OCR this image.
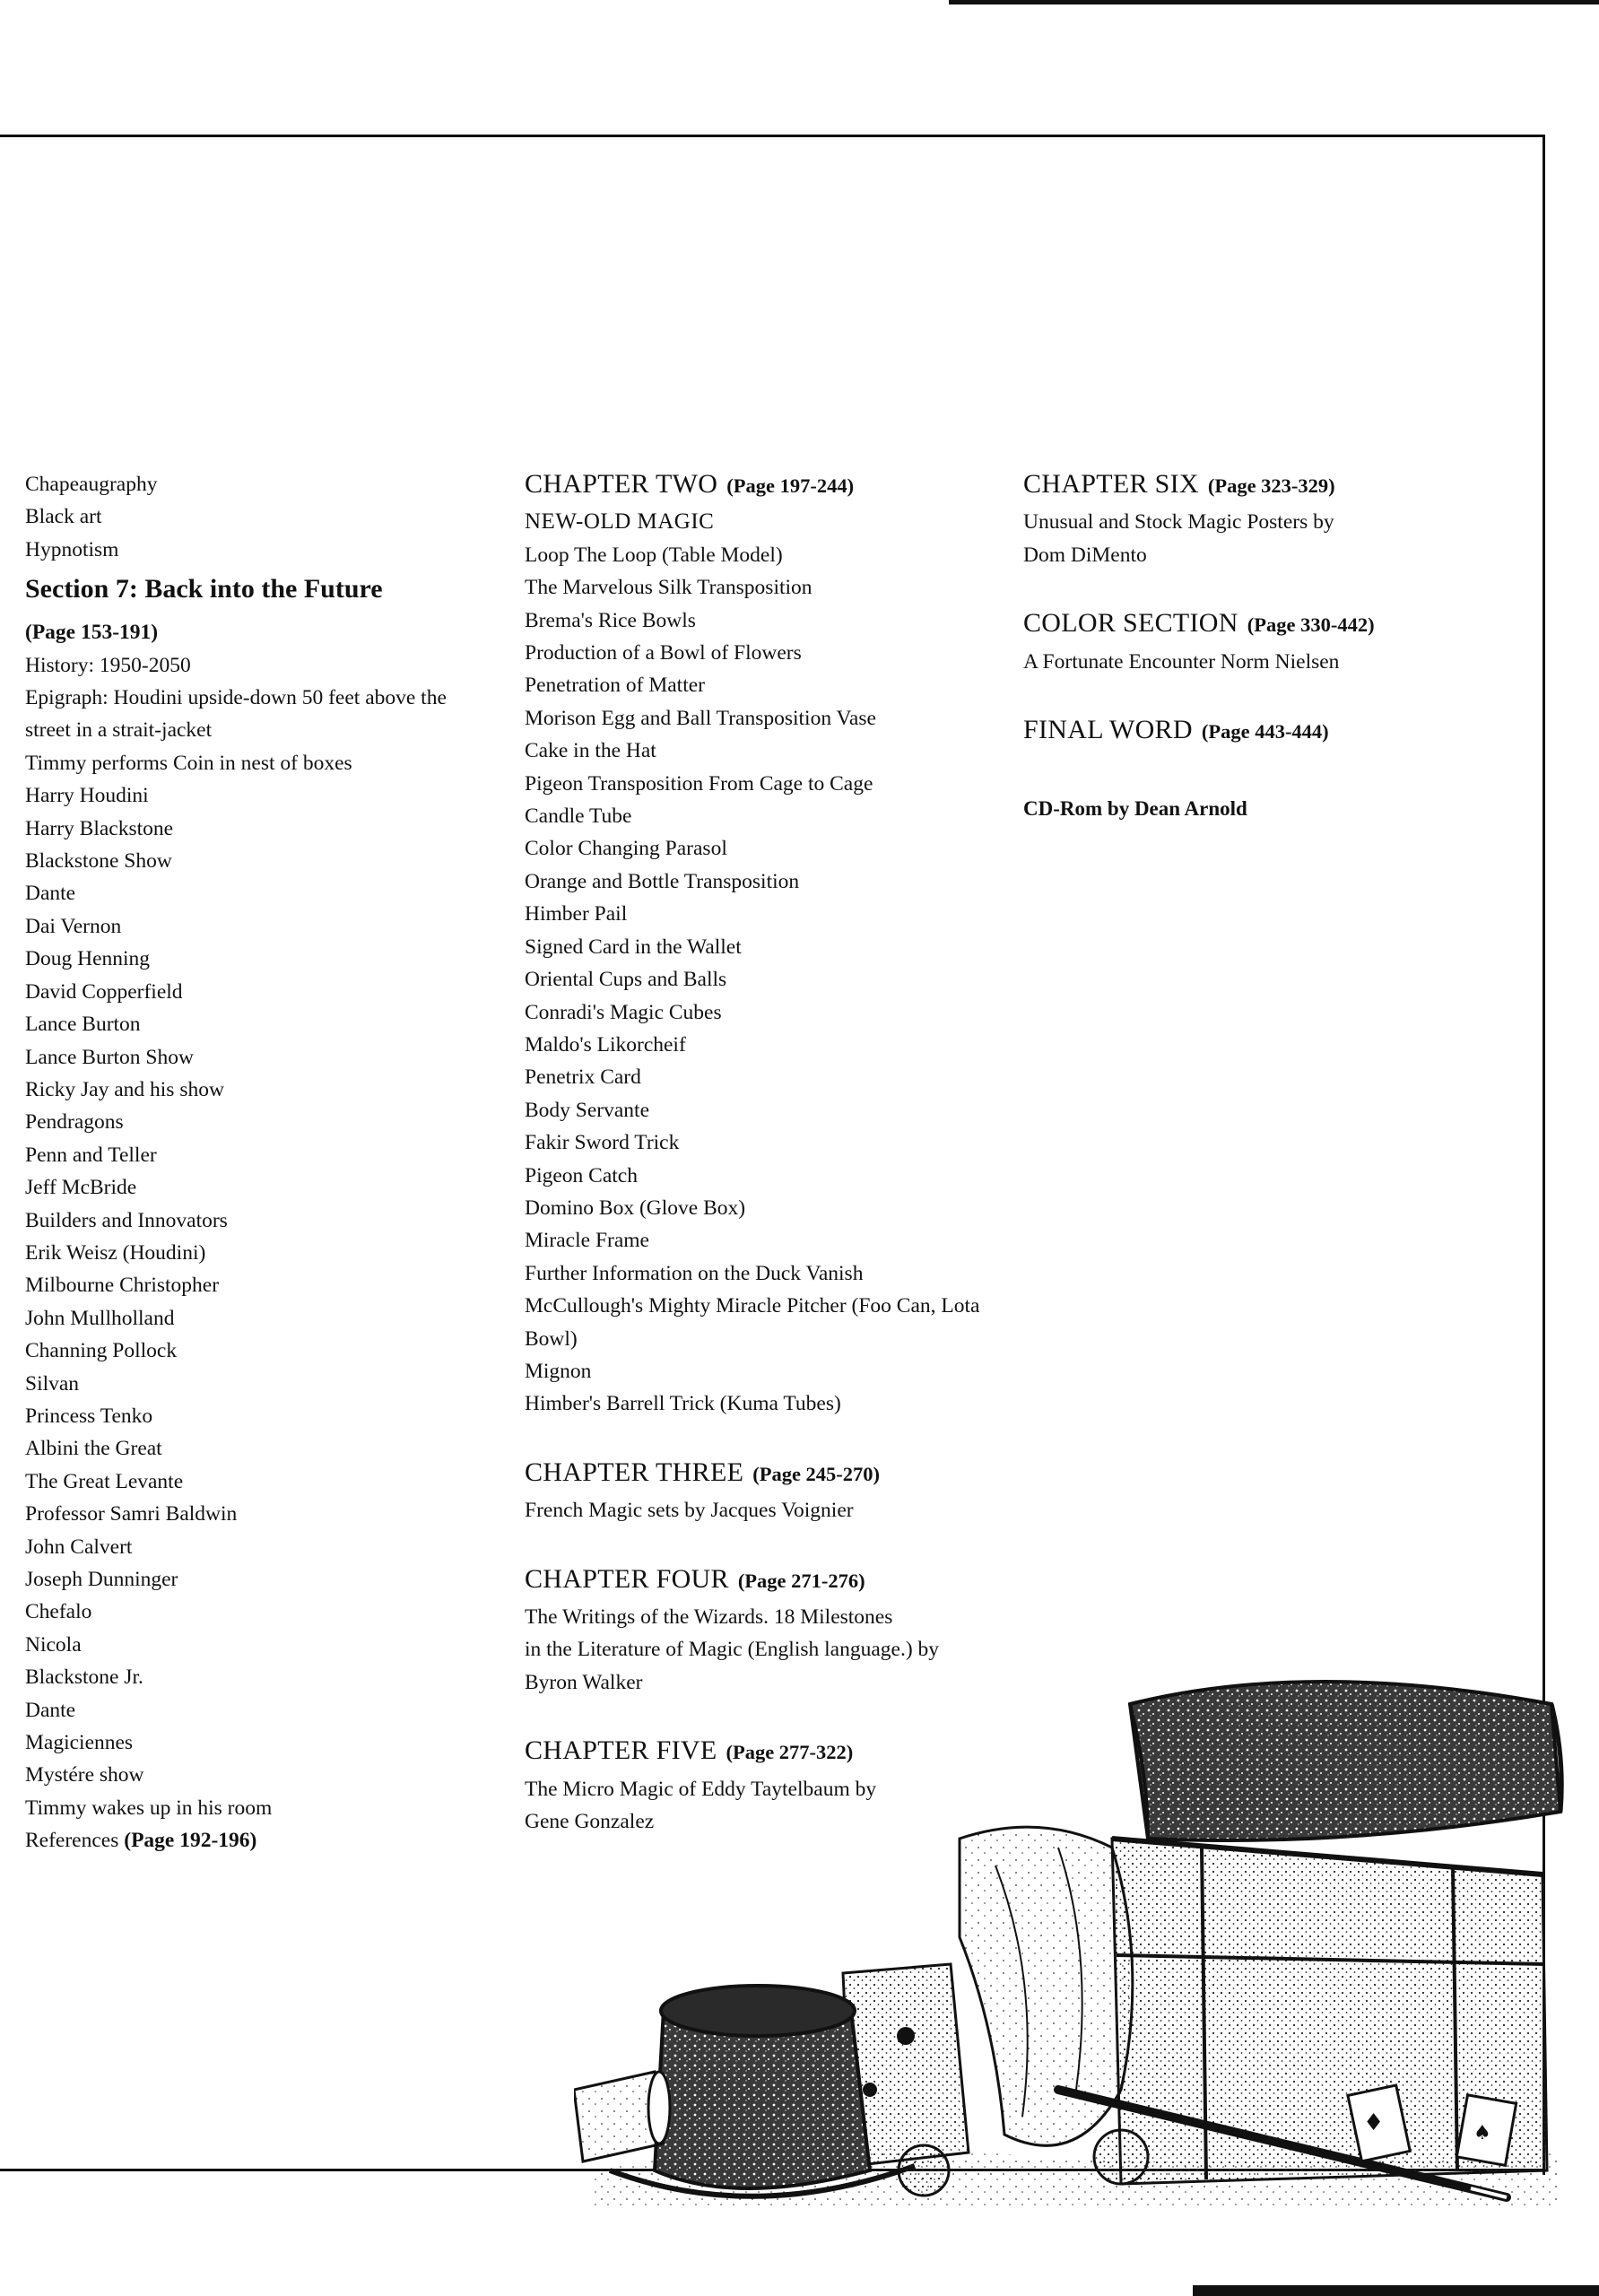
Chapeaugraphy
Black art
Hypnotism
Section 7: Back into the Future
(Page 153-191)
History: 1950-2050
Epigraph: Houdini upside-down 50 feet above the street in a strait-jacket
Timmy performs Coin in nest of boxes
Harry Houdini
Harry Blackstone
Blackstone Show
Dante
Dai Vernon
Doug Henning
David Copperfield
Lance Burton
Lance Burton Show
Ricky Jay and his show
Pendragons
Penn and Teller
Jeff McBride
Builders and Innovators
Erik Weisz (Houdini)
Milbourne Christopher
John Mullholland
Channing Pollock
Silvan
Princess Tenko
Albini the Great
The Great Levante
Professor Samri Baldwin
John Calvert
Joseph Dunninger
Chefalo
Nicola
Blackstone Jr.
Dante
Magiciennes
Mystére show
Timmy wakes up in his room
References (Page 192-196)
CHAPTER TWO (Page 197-244)
NEW-OLD MAGIC
Loop The Loop (Table Model)
The Marvelous Silk Transposition
Brema's Rice Bowls
Production of a Bowl of Flowers
Penetration of Matter
Morison Egg and Ball Transposition Vase
Cake in the Hat
Pigeon Transposition From Cage to Cage
Candle Tube
Color Changing Parasol
Orange and Bottle Transposition
Himber Pail
Signed Card in the Wallet
Oriental Cups and Balls
Conradi's Magic Cubes
Maldo's Likorcheif
Penetrix Card
Body Servante
Fakir Sword Trick
Pigeon Catch
Domino Box (Glove Box)
Miracle Frame
Further Information on the Duck Vanish
McCullough's Mighty Miracle Pitcher (Foo Can, Lota Bowl)
Mignon
Himber's Barrell Trick (Kuma Tubes)
CHAPTER THREE (Page 245-270)
French Magic sets by Jacques Voignier
CHAPTER FOUR (Page 271-276)
The Writings of the Wizards. 18 Milestones
in the Literature of Magic (English language.) by
Byron Walker
CHAPTER FIVE (Page 277-322)
The Micro Magic of Eddy Taytelbaum by
Gene Gonzalez
CHAPTER SIX (Page 323-329)
Unusual and Stock Magic Posters by
Dom DiMento
COLOR SECTION (Page 330-442)
A Fortunate Encounter Norm Nielsen
FINAL WORD (Page 443-444)
CD-Rom by Dean Arnold
♦	♠
